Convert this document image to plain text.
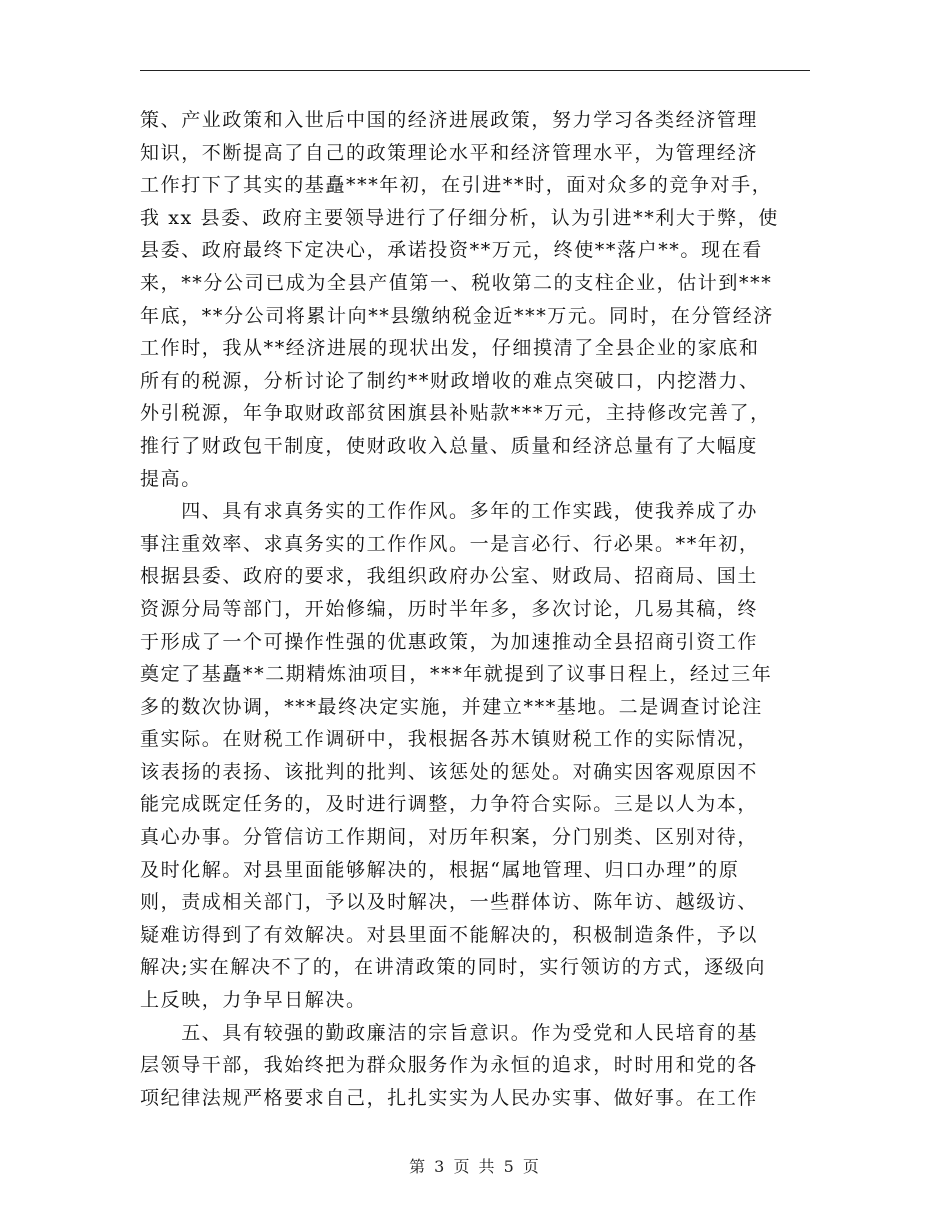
策、产业政策和入世后中国的经济进展政策，努力学习各类经济管理
知识，不断提高了自己的政策理论水平和经济管理水平，为管理经济
工作打下了其实的基矗***年初，在引进**时，面对众多的竞争对手，
我 xx 县委、政府主要领导进行了仔细分析，认为引进**利大于弊，使
县委、政府最终下定决心，承诺投资**万元，终使**落户**。现在看
来，**分公司已成为全县产值第一、税收第二的支柱企业，估计到***
年底，**分公司将累计向**县缴纳税金近***万元。同时，在分管经济
工作时，我从**经济进展的现状出发，仔细摸清了全县企业的家底和
所有的税源，分析讨论了制约**财政增收的难点突破口，内挖潜力、
外引税源，年争取财政部贫困旗县补贴款***万元，主持修改完善了，
推行了财政包干制度，使财政收入总量、质量和经济总量有了大幅度
提高。
　　四、具有求真务实的工作作风。多年的工作实践，使我养成了办
事注重效率、求真务实的工作作风。一是言必行、行必果。**年初，
根据县委、政府的要求，我组织政府办公室、财政局、招商局、国土
资源分局等部门，开始修编，历时半年多，多次讨论，几易其稿，终
于形成了一个可操作性强的优惠政策，为加速推动全县招商引资工作
奠定了基矗**二期精炼油项目，***年就提到了议事日程上，经过三年
多的数次协调，***最终决定实施，并建立***基地。二是调查讨论注
重实际。在财税工作调研中，我根据各苏木镇财税工作的实际情况，
该表扬的表扬、该批判的批判、该惩处的惩处。对确实因客观原因不
能完成既定任务的，及时进行调整，力争符合实际。三是以人为本，
真心办事。分管信访工作期间，对历年积案，分门别类、区别对待，
及时化解。对县里面能够解决的，根据“属地管理、归口办理”的原
则，责成相关部门，予以及时解决，一些群体访、陈年访、越级访、
疑难访得到了有效解决。对县里面不能解决的，积极制造条件，予以
解决;实在解决不了的，在讲清政策的同时，实行领访的方式，逐级向
上反映，力争早日解决。
　　五、具有较强的勤政廉洁的宗旨意识。作为受党和人民培育的基
层领导干部，我始终把为群众服务作为永恒的追求，时时用和党的各
项纪律法规严格要求自己，扎扎实实为人民办实事、做好事。在工作
第 3 页 共 5 页
